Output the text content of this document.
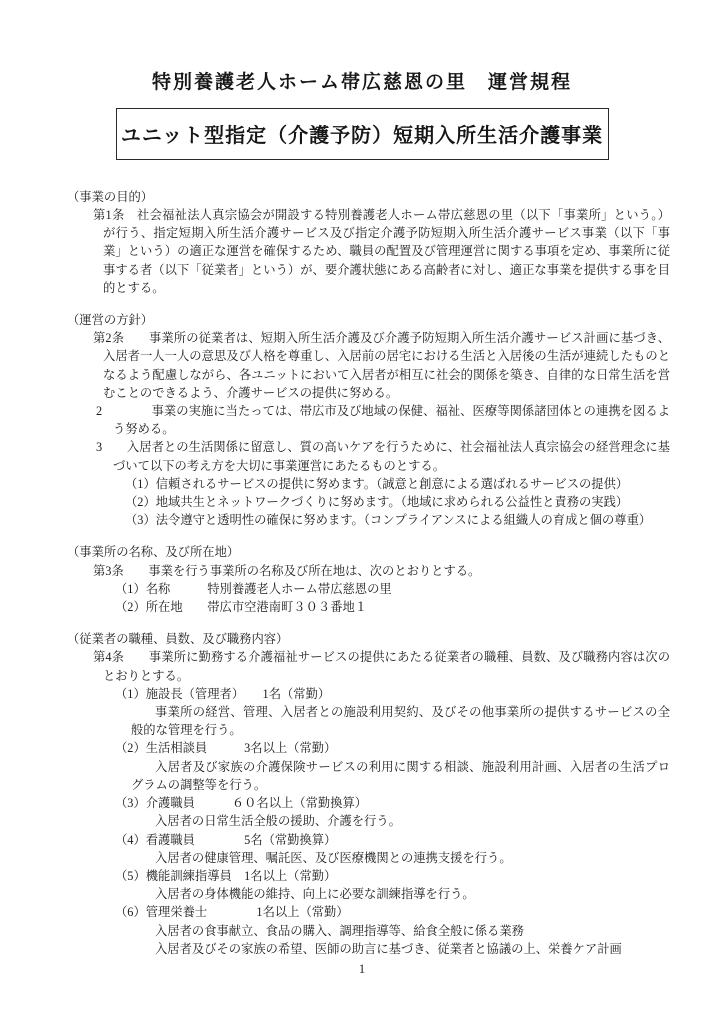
特別養護老人ホーム帯広慈恩の里　運営規程
ユニット型指定（介護予防）短期入所生活介護事業

（事業の目的）

第1条　社会福祉法人真宗協会が開設する特別養護老人ホーム帯広慈恩の里（以下「事業所」という。）が行う、指定短期入所生活介護サービス及び指定介護予防短期入所生活介護サービス事業（以下「事業」という）の適正な運営を確保するため、職員の配置及び管理運営に関する事項を定め、事業所に従事する者（以下「従業者」という）が、要介護状態にある高齢者に対し、適正な事業を提供する事を目的とする。

（運営の方針）

第2条　　事業所の従業者は、短期入所生活介護及び介護予防短期入所生活介護サービス計画に基づき、入居者一人一人の意思及び人格を尊重し、入居前の居宅における生活と入居後の生活が連続したものとなるよう配慮しながら、各ユニットにおいて入居者が相互に社会的関係を築き、自律的な日常生活を営むことのできるよう、介護サービスの提供に努める。

2　　　　事業の実施に当たっては、帯広市及び地域の保健、福祉、医療等関係諸団体との連携を図るよう努める。

3　　入居者との生活関係に留意し、質の高いケアを行うために、社会福祉法人真宗協会の経営理念に基づいて以下の考え方を大切に事業運営にあたるものとする。

（1）信頼されるサービスの提供に努めます。（誠意と創意による選ばれるサービスの提供）

（2）地域共生とネットワークづくりに努めます。（地域に求められる公益性と責務の実践）

（3）法令遵守と透明性の確保に努めます。（コンプライアンスによる組織人の育成と個の尊重）

（事業所の名称、及び所在地）

第3条　　事業を行う事業所の名称及び所在地は、次のとおりとする。

（1）名称　　　特別養護老人ホーム帯広慈恩の里

（2）所在地　　帯広市空港南町３０３番地１

（従業者の職種、員数、及び職務内容）

第4条　　事業所に勤務する介護福祉サービスの提供にあたる従業者の職種、員数、及び職務内容は次のとおりとする。

（1）施設長（管理者）　　1名（常勤）

事業所の経営、管理、入居者との施設利用契約、及びその他事業所の提供するサービスの全般的な管理を行う。

（2）生活相談員　　　3名以上（常勤）

入居者及び家族の介護保険サービスの利用に関する相談、施設利用計画、入居者の生活プログラムの調整等を行う。

（3）介護職員　　　６０名以上（常勤換算）

入居者の日常生活全般の援助、介護を行う。

（4）看護職員　　　　5名（常勤換算）

入居者の健康管理、嘱託医、及び医療機関との連携支援を行う。

（5）機能訓練指導員　1名以上（常勤）

入居者の身体機能の維持、向上に必要な訓練指導を行う。

（6）管理栄養士　　　　1名以上（常勤）

入居者の食事献立、食品の購入、調理指導等、給食全般に係る業務

入居者及びその家族の希望、医師の助言に基づき、従業者と協議の上、栄養ケア計画

1
